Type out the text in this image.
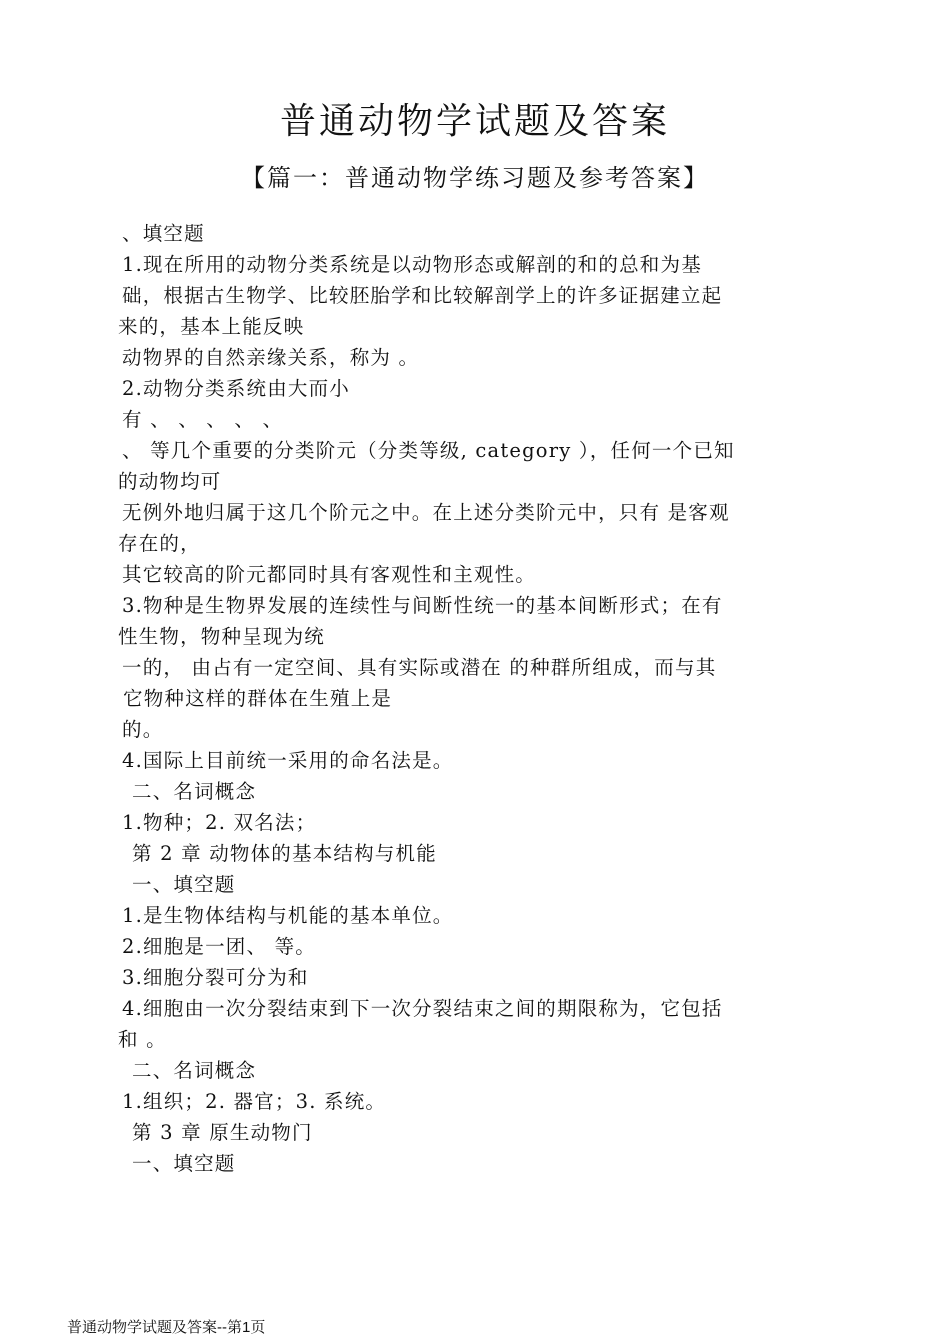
普通动物学试题及答案
【篇一：普通动物学练习题及参考答案】
、填空题
1.现在所用的动物分类系统是以动物形态或解剖的和的总和为基
础，根据古生物学、比较胚胎学和比较解剖学上的许多证据建立起
来的，基本上能反映
动物界的自然亲缘关系，称为 。
2.动物分类系统由大而小
有 、 、 、 、 、
、 等几个重要的分类阶元（分类等级, category ），任何一个已知
的动物均可
无例外地归属于这几个阶元之中。在上述分类阶元中，只有 是客观
存在的，
其它较高的阶元都同时具有客观性和主观性。
3.物种是生物界发展的连续性与间断性统一的基本间断形式；在有
性生物，物种呈现为统
一的， 由占有一定空间、具有实际或潜在 的种群所组成，而与其
它物种这样的群体在生殖上是
的。
4.国际上目前统一采用的命名法是。
二、名词概念
1.物种；2. 双名法；
第 2 章 动物体的基本结构与机能
一、填空题
1.是生物体结构与机能的基本单位。
2.细胞是一团、 等。
3.细胞分裂可分为和
4.细胞由一次分裂结束到下一次分裂结束之间的期限称为，它包括
和 。
二、名词概念
1.组织；2. 器官；3. 系统。
第 3 章 原生动物门
一、填空题
普通动物学试题及答案--第1页
